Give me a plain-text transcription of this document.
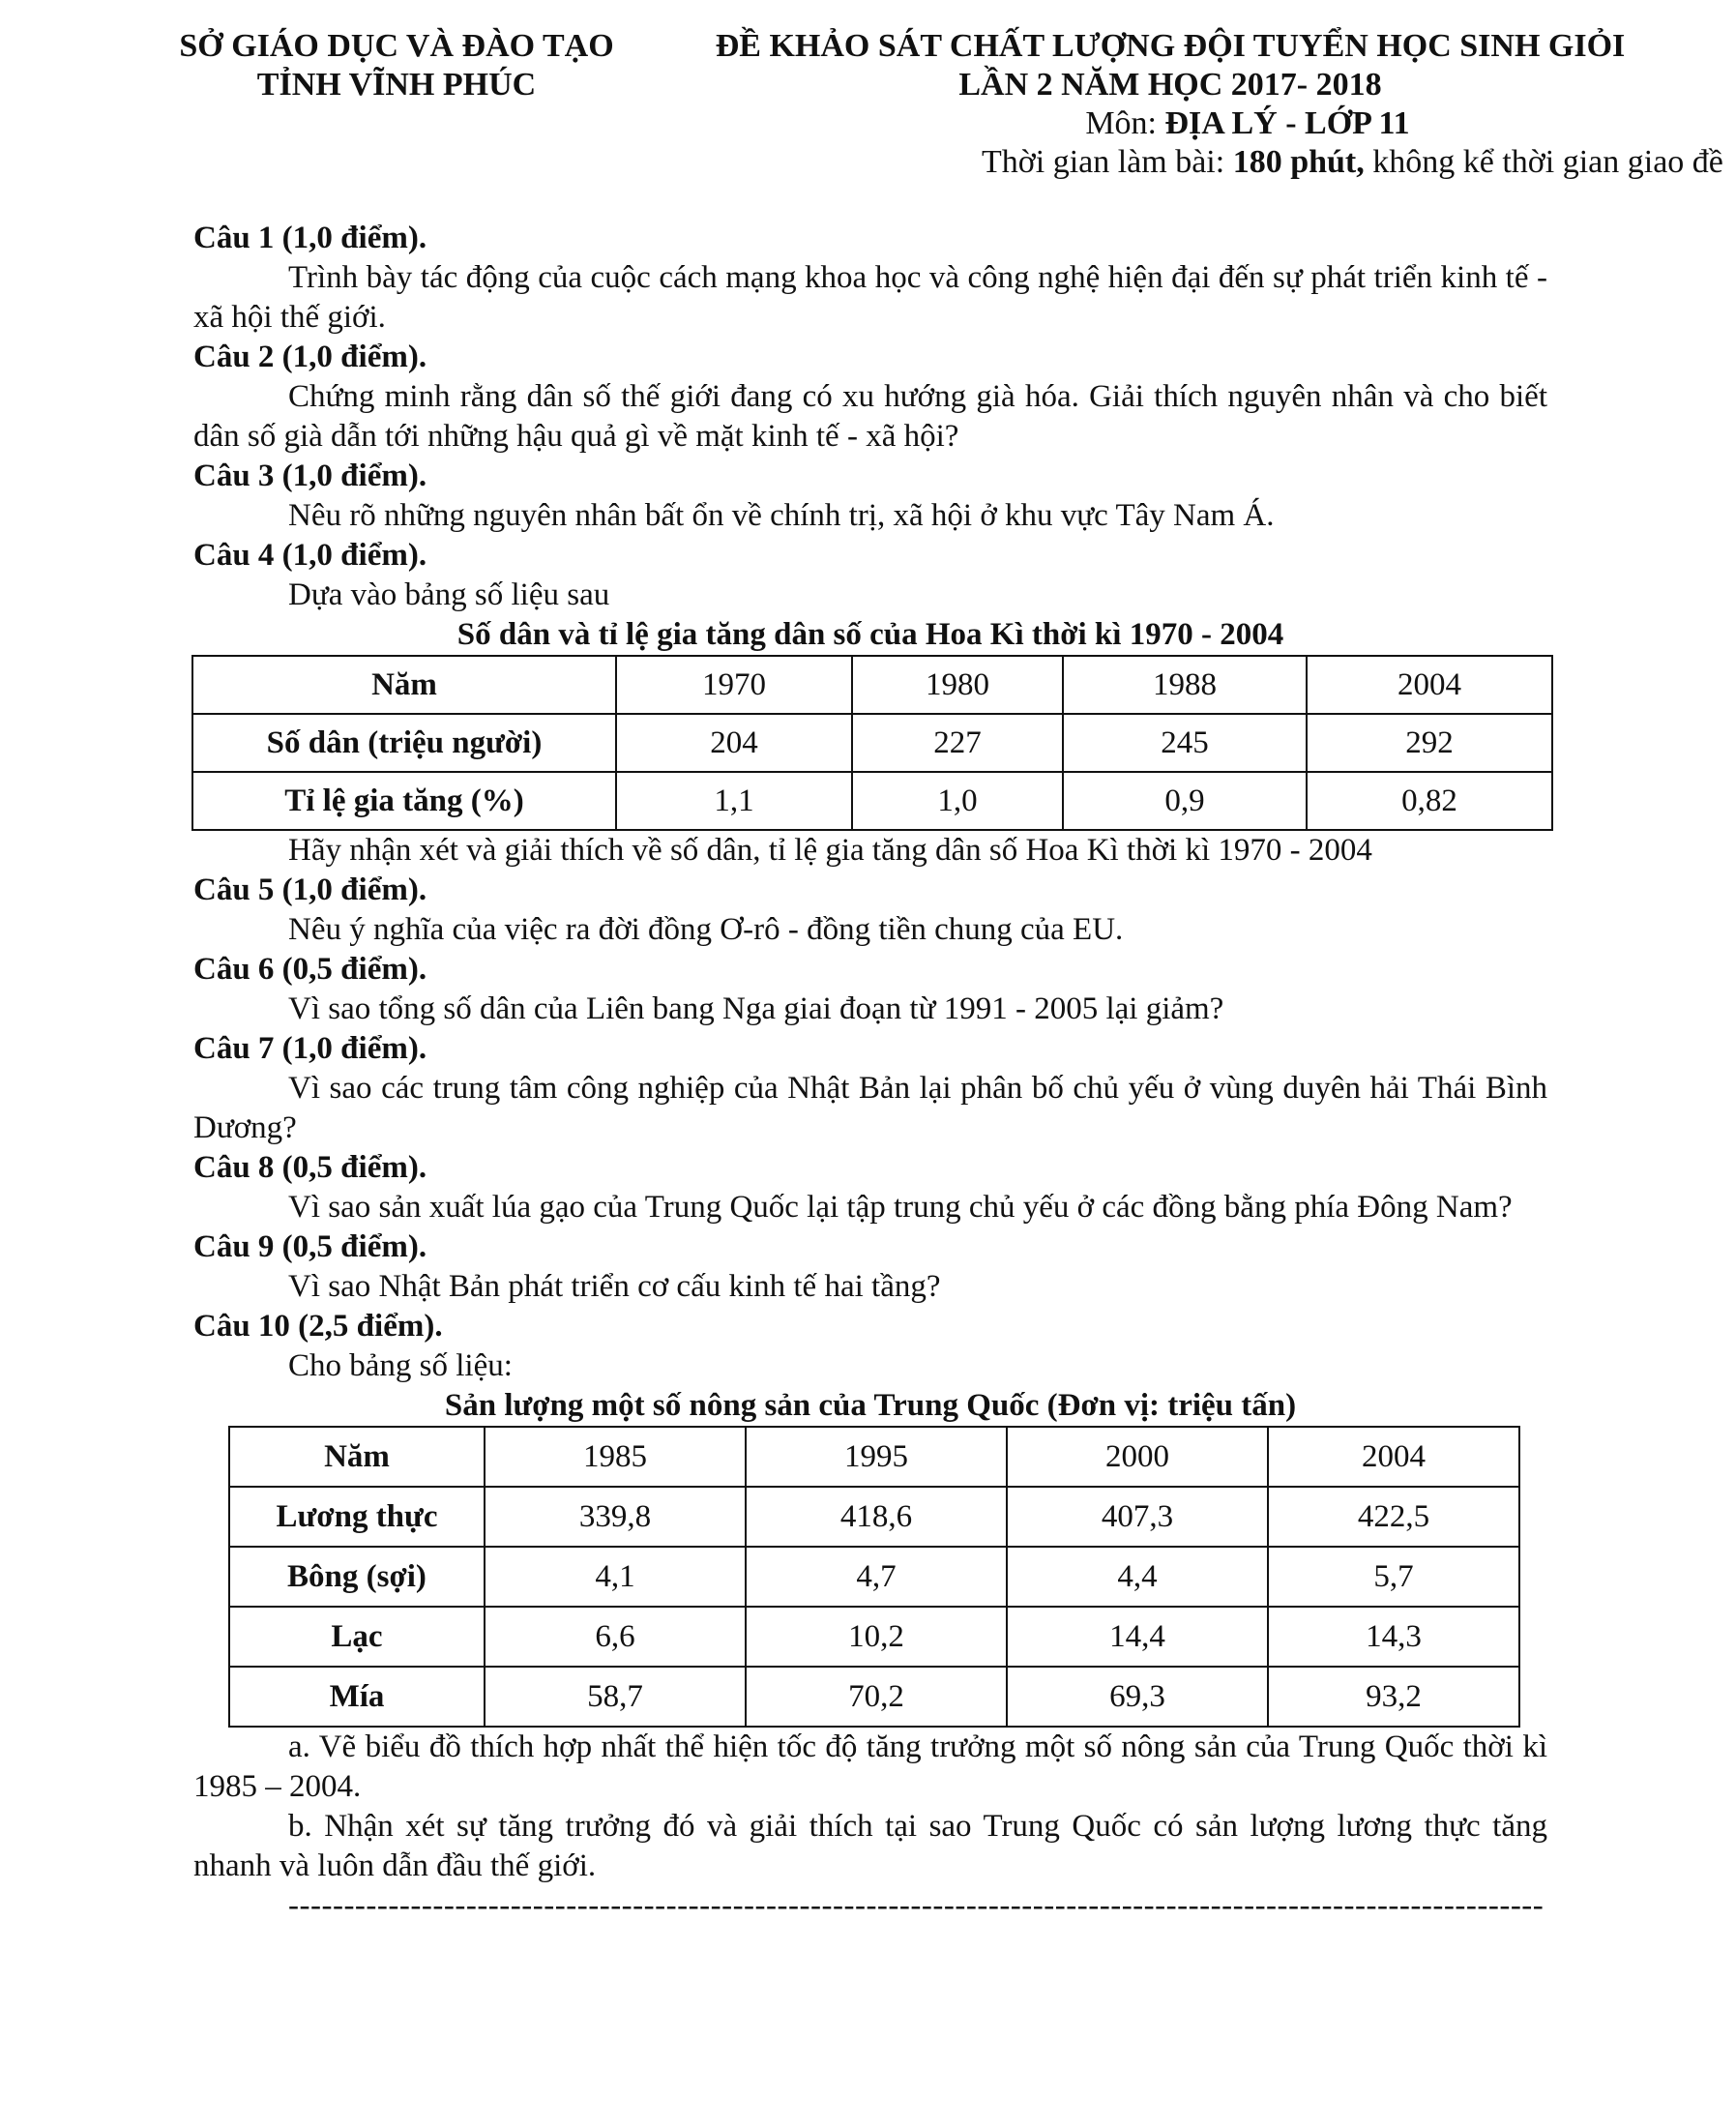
SỞ GIÁO DỤC VÀ ĐÀO TẠO
TỈNH VĨNH PHÚC
ĐỀ KHẢO SÁT CHẤT LƯỢNG ĐỘI TUYỂN HỌC SINH GIỎI
LẦN 2 NĂM HỌC 2017- 2018
Môn: ĐỊA LÝ - LỚP 11
Thời gian làm bài: 180 phút, không kể thời gian giao đề

Câu 1 (1,0 điểm).

Trình bày tác động của cuộc cách mạng khoa học và công nghệ hiện đại đến sự phát triển kinh tế - xã hội thế giới.

Câu 2 (1,0 điểm).

Chứng minh rằng dân số thế giới đang có xu hướng già hóa. Giải thích nguyên nhân và cho biết dân số già dẫn tới những hậu quả gì về mặt kinh tế - xã hội?

Câu 3 (1,0 điểm).

Nêu rõ những nguyên nhân bất ổn về chính trị, xã hội ở khu vực Tây Nam Á.

Câu 4 (1,0 điểm).

Dựa vào bảng số liệu sau

Số dân và tỉ lệ gia tăng dân số của Hoa Kì thời kì 1970 - 2004

Năm	1970	1980	1988	2004
Số dân (triệu người)	204	227	245	292
Tỉ lệ gia tăng (%)	1,1	1,0	0,9	0,82

Hãy nhận xét và giải thích về số dân, tỉ lệ gia tăng dân số Hoa Kì thời kì 1970 - 2004

Câu 5 (1,0 điểm).

Nêu ý nghĩa của việc ra đời đồng Ơ-rô - đồng tiền chung của EU.

Câu 6 (0,5 điểm).

Vì sao tổng số dân của Liên bang Nga giai đoạn từ 1991 - 2005 lại giảm?

Câu 7 (1,0 điểm).

Vì sao các trung tâm công nghiệp của Nhật Bản lại phân bố chủ yếu ở vùng duyên hải Thái Bình Dương?

Câu 8 (0,5 điểm).

Vì sao sản xuất lúa gạo của Trung Quốc lại tập trung chủ yếu ở các đồng bằng phía Đông Nam?

Câu 9 (0,5 điểm).

Vì sao Nhật Bản phát triển cơ cấu kinh tế hai tầng?

Câu 10 (2,5 điểm).

Cho bảng số liệu:

Sản lượng một số nông sản của Trung Quốc (Đơn vị: triệu tấn)

Năm	1985	1995	2000	2004
Lương thực	339,8	418,6	407,3	422,5
Bông (sợi)	4,1	4,7	4,4	5,7
Lạc	6,6	10,2	14,4	14,3
Mía	58,7	70,2	69,3	93,2

a. Vẽ biểu đồ thích hợp nhất thể hiện tốc độ tăng trưởng một số nông sản của Trung Quốc thời kì 1985 – 2004.

b. Nhận xét sự tăng trưởng đó và giải thích tại sao Trung Quốc có sản lượng lương thực tăng nhanh và luôn dẫn đầu thế giới.

-----------------------------------------------------------------------------------------------------------------
